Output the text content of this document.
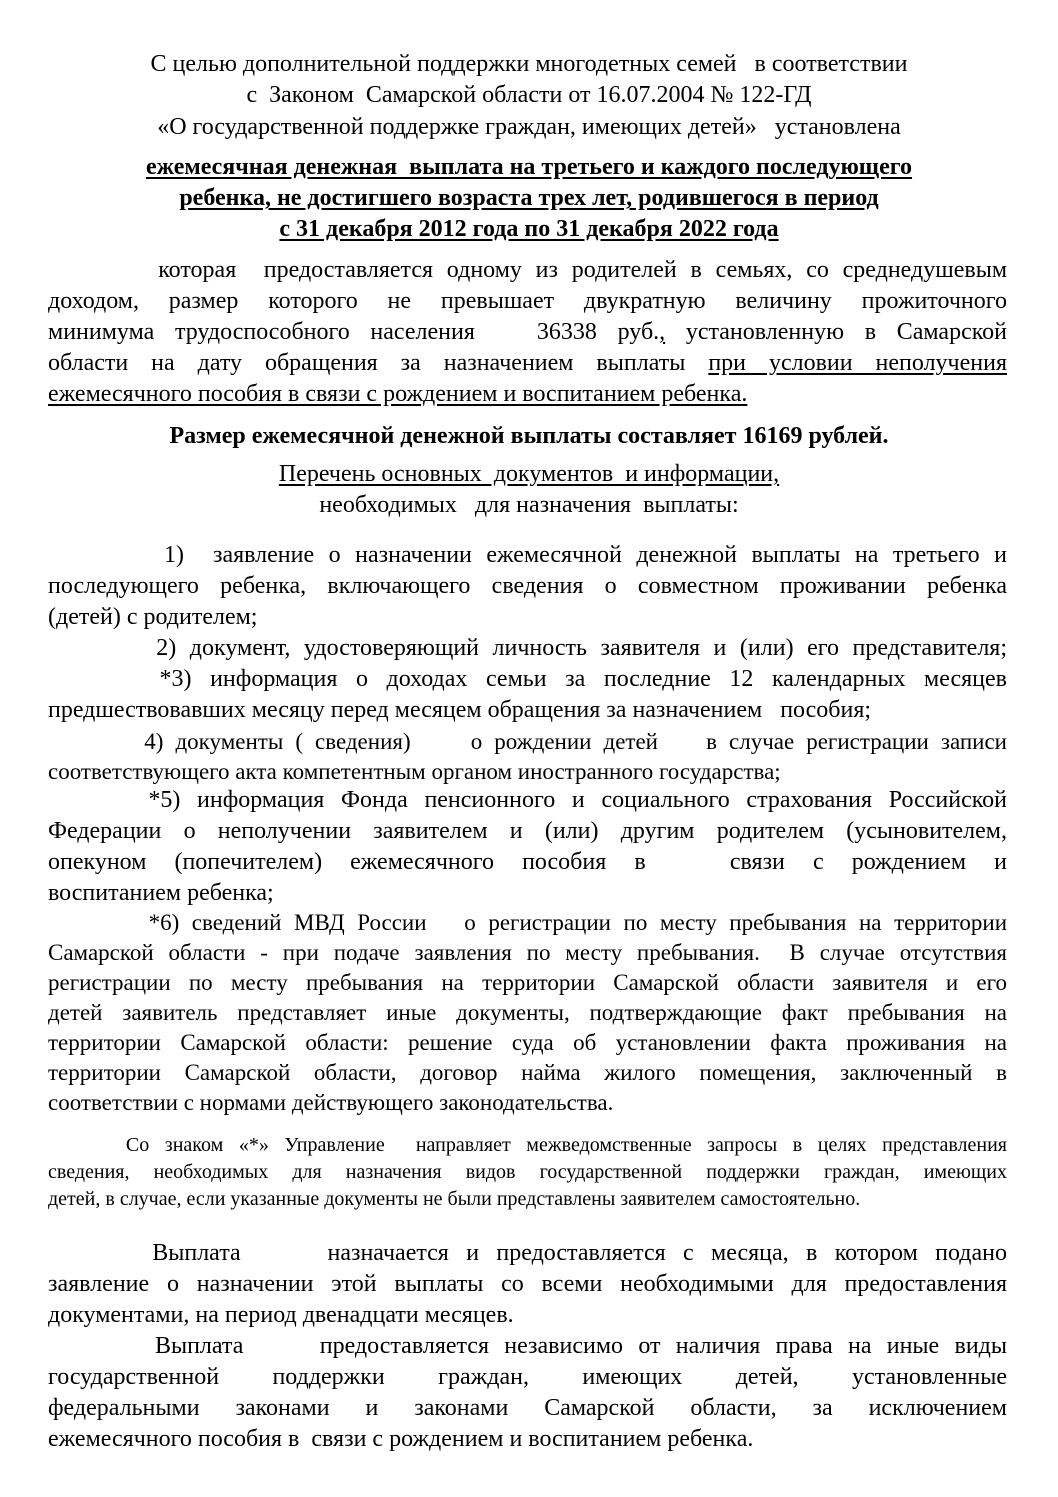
С целью дополнительной поддержки многодетных семей   в соответствии
с  Законом  Самарской области от 16.07.2004 № 122-ГД
«О государственной поддержке граждан, имеющих детей»   установлена
ежемесячная денежная  выплата на третьего и каждого последующего
ребенка, не достигшего возраста трех лет, родившегося в период
с 31 декабря 2012 года по 31 декабря 2022 года
которая  предоставляется одному из родителей в семьях, со среднедушевым
доходом, размер которого не превышает двукратную величину прожиточного
минимума трудоспособного населения   36338 руб., установленную в Самарской
области на дату обращения за назначением выплаты при условии неполучения
ежемесячного пособия в связи с рождением и воспитанием ребенка.
Размер ежемесячной денежной выплаты составляет 16169 рублей.
Перечень основных  документов  и информации,
необходимых   для назначения  выплаты:
1)  заявление о назначении ежемесячной денежной выплаты на третьего и
последующего ребенка, включающего сведения о совместном проживании ребенка
(детей) с родителем;
2) документ, удостоверяющий личность заявителя и (или) его представителя;
*3) информация о доходах семьи за последние 12 календарных месяцев
предшествовавших месяцу перед месяцем обращения за назначением   пособия;
4) документы ( сведения)     о рождении детей    в случае регистрации записи
соответствующего акта компетентным органом иностранного государства;
*5) информация Фонда пенсионного и социального страхования Российской
Федерации о неполучении заявителем и (или) другим родителем (усыновителем,
опекуном (попечителем) ежемесячного пособия в   связи с рождением и
воспитанием ребенка;
*6) сведений МВД России   о регистрации по месту пребывания на территории
Самарской области - при подаче заявления по месту пребывания.  В случае отсутствия
регистрации по месту пребывания на территории Самарской области заявителя и его
детей заявитель представляет иные документы, подтверждающие факт пребывания на
территории Самарской области: решение суда об установлении факта проживания на
территории Самарской области, договор найма жилого помещения, заключенный в
соответствии с нормами действующего законодательства.
Со знаком «*» Управление  направляет межведомственные запросы в целях представления
сведения, необходимых для назначения видов государственной поддержки граждан, имеющих
детей, в случае, если указанные документы не были представлены заявителем самостоятельно.
Выплата     назначается и предоставляется с месяца, в котором подано
заявление о назначении этой выплаты со всеми необходимыми для предоставления
документами, на период двенадцати месяцев.
Выплата     предоставляется независимо от наличия права на иные виды
государственной    поддержки    граждан,    имеющих    детей,    установленные
федеральными законами и законами Самарской области, за исключением
ежемесячного пособия в  связи с рождением и воспитанием ребенка.
